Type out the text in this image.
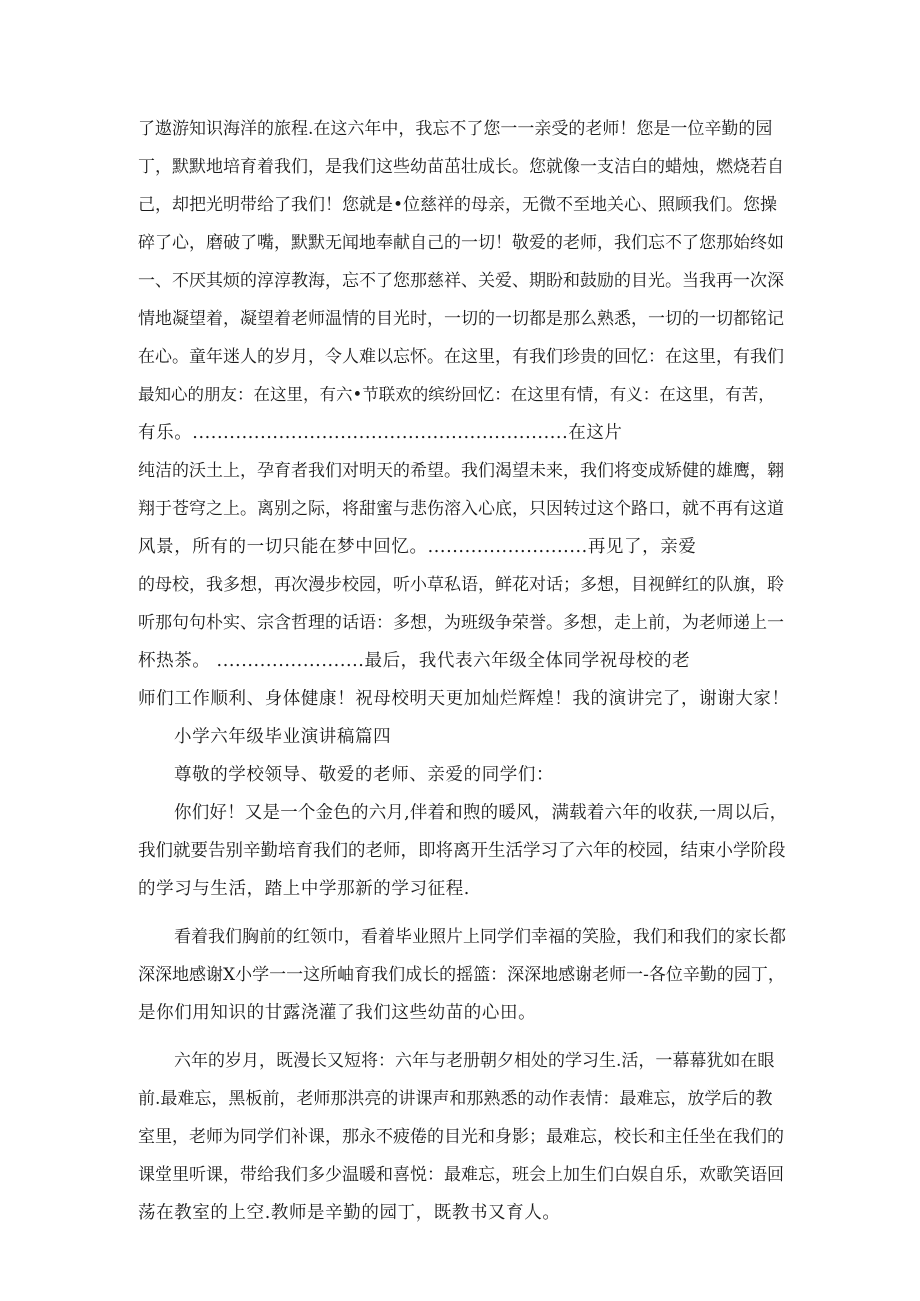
了遨游知识海洋的旅程.在这六年中，我忘不了您一一亲受的老师！您是一位辛勤的园
丁，默默地培育着我们，是我们这些幼苗茁壮成长。您就像一支洁白的蜡烛，燃烧若自
己，却把光明带给了我们！您就是•位慈祥的母亲，无微不至地关心、照顾我们。您操
碎了心，磨破了嘴，默默无闻地奉献自己的一切！敬爱的老师，我们忘不了您那始终如
一、不厌其烦的淳淳教海，忘不了您那慈祥、关爱、期盼和鼓励的目光。当我再一次深
情地凝望着，凝望着老师温情的目光时，一切的一切都是那么熟悉，一切的一切都铭记
在心。童年迷人的岁月，令人难以忘怀。在这里，有我们珍贵的回忆：在这里，有我们
最知心的朋友：在这里，有六•节联欢的缤纷回忆：在这里有情，有义：在这里，有苦，
有乐。.............................................................在这片
纯洁的沃土上，孕育者我们对明天的希望。我们渴望未来，我们将变成矫健的雄鹰，翱
翔于苍穹之上。离别之际，将甜蜜与悲伤溶入心底，只因转过这个路口，就不再有这道
风景，所有的一切只能在梦中回忆。..........................再见了，亲爱
的母校，我多想，再次漫步校园，听小草私语，鲜花对话；多想，目视鲜红的队旗，聆
听那句句朴实、宗含哲理的话语：多想，为班级争荣誉。多想，走上前，为老师递上一
杯热茶。 ........................最后，我代表六年级全体同学祝母校的老
师们工作顺利、身体健康！祝母校明天更加灿烂辉煌！我的演讲完了，谢谢大家！
小学六年级毕业演讲稿篇四
尊敬的学校领导、敬爱的老师、亲爱的同学们：
你们好！又是一个金色的六月,伴着和煦的暖风，满载着六年的收获,一周以后，
我们就要告别辛勤培育我们的老师，即将离开生活学习了六年的校园，结束小学阶段
的学习与生活，踏上中学那新的学习征程.
看着我们胸前的红领巾，看着毕业照片上同学们幸福的笑脸，我们和我们的家长都
深深地感谢X小学一一这所岫育我们成长的摇篮：深深地感谢老师一-各位辛勤的园丁，
是你们用知识的甘露浇灌了我们这些幼苗的心田。
六年的岁月，既漫长又短将：六年与老册朝夕相处的学习生.活，一幕幕犹如在眼
前.最难忘，黑板前，老师那洪亮的讲课声和那熟悉的动作表情：最难忘，放学后的教
室里，老师为同学们补课，那永不疲倦的目光和身影；最难忘，校长和主任坐在我们的
课堂里听课，带给我们多少温暖和喜悦：最难忘，班会上加生们白娱自乐，欢歌笑语回
荡在教室的上空.教师是辛勤的园丁，既教书又育人。
